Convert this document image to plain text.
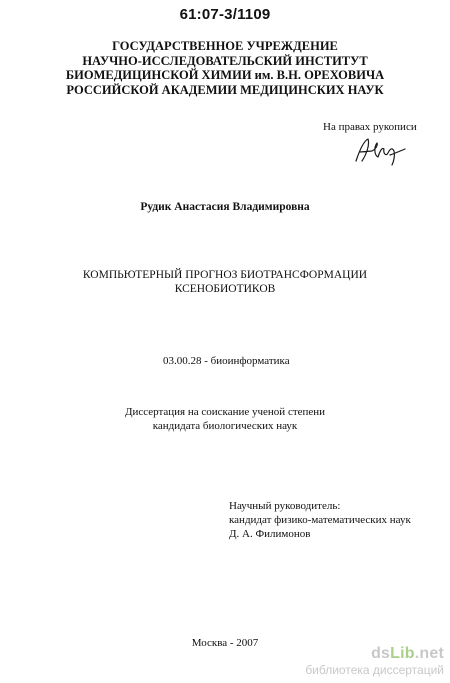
61:07-3/1109
ГОСУДАРСТВЕННОЕ УЧРЕЖДЕНИЕ
НАУЧНО-ИССЛЕДОВАТЕЛЬСКИЙ ИНСТИТУТ
БИОМЕДИЦИНСКОЙ ХИМИИ им. В.Н. ОРЕХОВИЧА
РОССИЙСКОЙ АКАДЕМИИ МЕДИЦИНСКИХ НАУК
На правах рукописи
Рудик Анастасия Владимировна
КОМПЬЮТЕРНЫЙ ПРОГНОЗ БИОТРАНСФОРМАЦИИ
КСЕНОБИОТИКОВ
03.00.28 - биоинформатика
Диссертация на соискание ученой степени
кандидата биологических наук
Научный руководитель:
кандидат физико-математических наук
Д. А. Филимонов
Москва - 2007
dsLib.net
библиотека диссертаций
